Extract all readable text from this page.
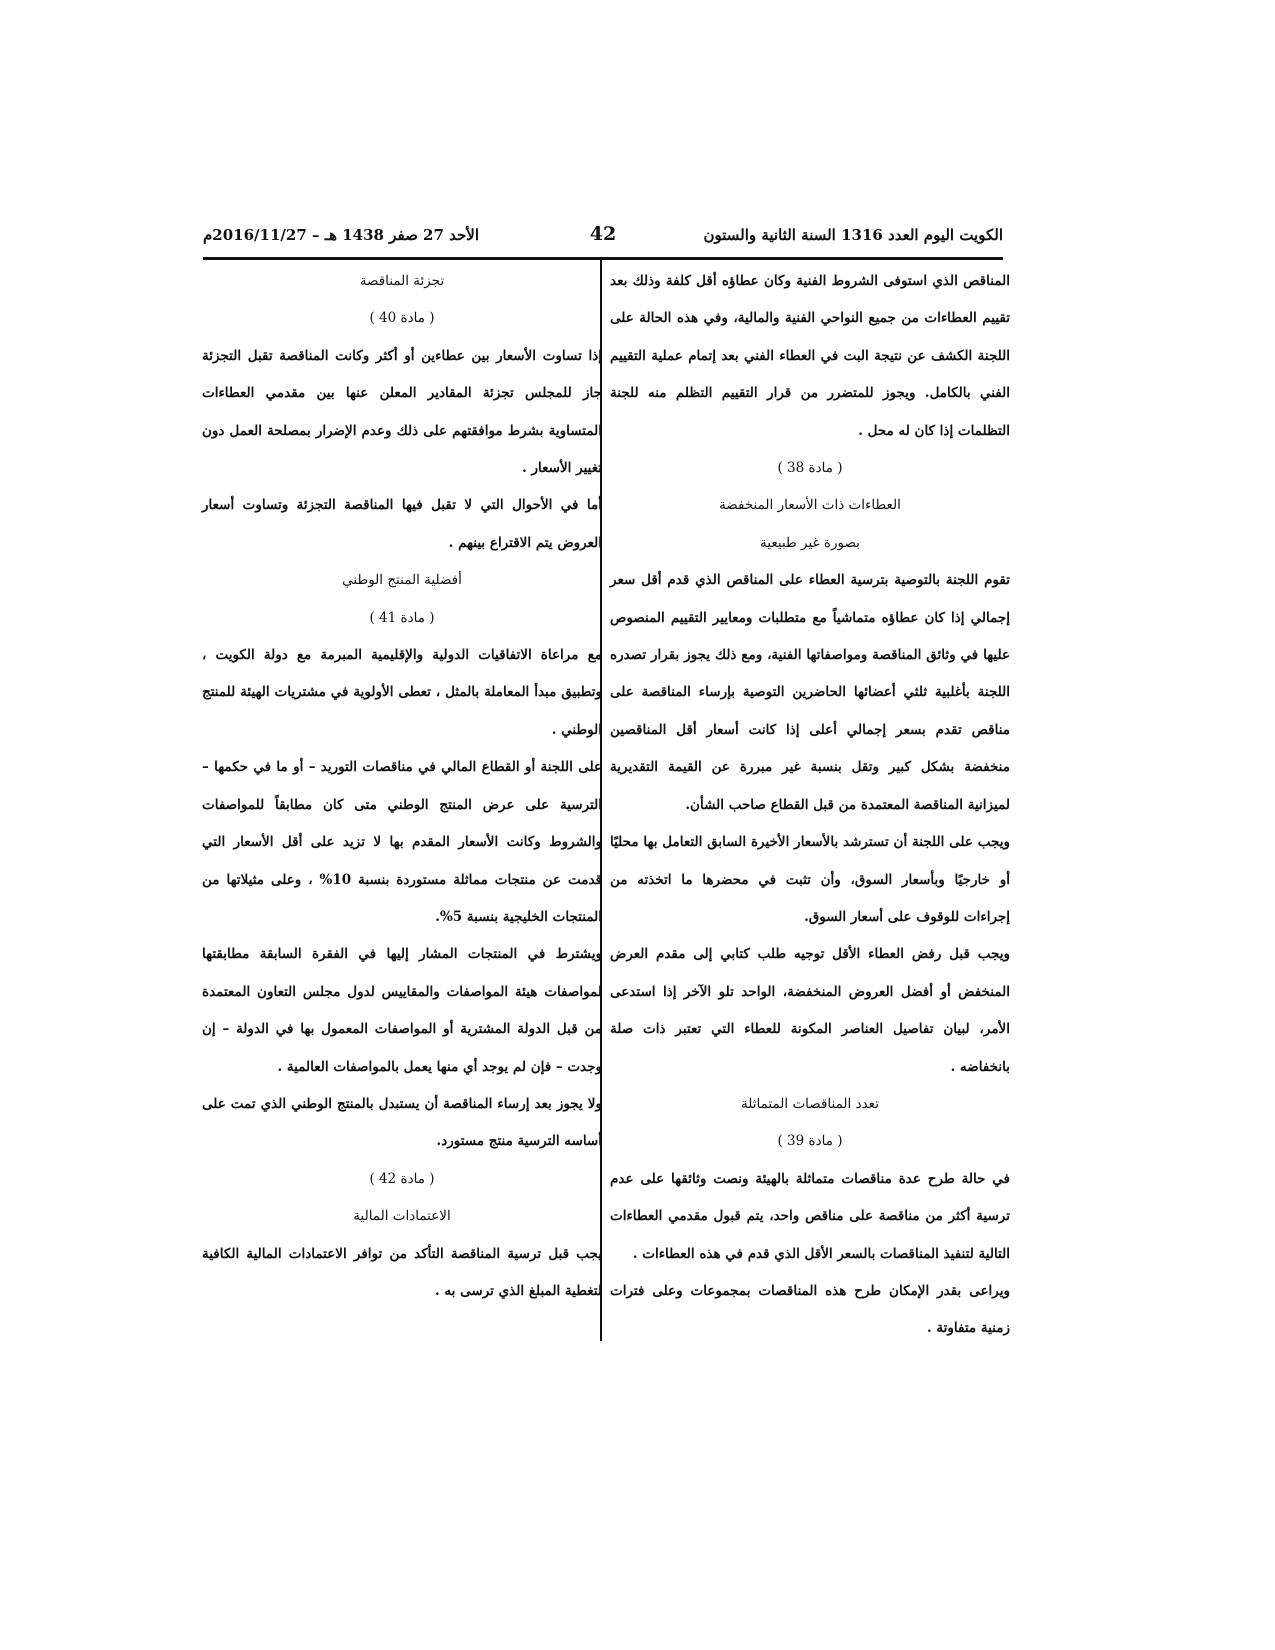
الكويت اليوم العدد 1316 السنة الثانية والستون
42
الأحد 27 صفر 1438 هـ – 2016/11/27م
المناقص الذي استوفى الشروط الفنية وكان عطاؤه أقل كلفة وذلك بعد تقييم العطاءات من جميع النواحي الفنية والمالية، وفي هذه الحالة على اللجنة الكشف عن نتيجة البت في العطاء الفني بعد إتمام عملية التقييم الفني بالكامل. ويجوز للمتضرر من قرار التقييم التظلم منه للجنة التظلمات إذا كان له محل .
( مادة 38 )
العطاءات ذات الأسعار المنخفضة
بصورة غير طبيعية
تقوم اللجنة بالتوصية بترسية العطاء على المناقص الذي قدم أقل سعر إجمالي إذا كان عطاؤه متماشياً مع متطلبات ومعايير التقييم المنصوص عليها في وثائق المناقصة ومواصفاتها الفنية، ومع ذلك يجوز بقرار تصدره اللجنة بأغلبية ثلثي أعضائها الحاضرين التوصية بإرساء المناقصة على مناقص تقدم بسعر إجمالي أعلى إذا كانت أسعار أقل المناقصين منخفضة بشكل كبير وتقل بنسبة غير مبررة عن القيمة التقديرية لميزانية المناقصة المعتمدة من قبل القطاع صاحب الشأن.
ويجب على اللجنة أن تسترشد بالأسعار الأخيرة السابق التعامل بها محليًا أو خارجيًا وبأسعار السوق، وأن تثبت في محضرها ما اتخذته من إجراءات للوقوف على أسعار السوق.
ويجب قبل رفض العطاء الأقل توجيه طلب كتابي إلى مقدم العرض المنخفض أو أفضل العروض المنخفضة، الواحد تلو الآخر إذا استدعى الأمر، لبيان تفاصيل العناصر المكونة للعطاء التي تعتبر ذات صلة بانخفاضه .
تعدد المناقصات المتماثلة
( مادة 39 )
في حالة طرح عدة مناقصات متماثلة بالهيئة ونصت وثائقها على عدم ترسية أكثر من مناقصة على مناقص واحد، يتم قبول مقدمي العطاءات التالية لتنفيذ المناقصات بالسعر الأقل الذي قدم في هذه العطاءات .
ويراعى بقدر الإمكان طرح هذه المناقصات بمجموعات وعلى فترات زمنية متفاوتة .
تجزئة المناقصة
( مادة 40 )
إذا تساوت الأسعار بين عطاءين أو أكثر وكانت المناقصة تقبل التجزئة جاز للمجلس تجزئة المقادير المعلن عنها بين مقدمي العطاءات المتساوية بشرط موافقتهم على ذلك وعدم الإضرار بمصلحة العمل دون تغيير الأسعار .
أما في الأحوال التي لا تقبل فيها المناقصة التجزئة وتساوت أسعار العروض يتم الاقتراع بينهم .
أفضلية المنتج الوطني
( مادة 41 )
مع مراعاة الاتفاقيات الدولية والإقليمية المبرمة مع دولة الكويت ، وتطبيق مبدأ المعاملة بالمثل ، تعطى الأولوية في مشتريات الهيئة للمنتج الوطني .
على اللجنة أو القطاع المالي في مناقصات التوريد – أو ما في حكمها – الترسية على عرض المنتج الوطني متى كان مطابقاً للمواصفات والشروط وكانت الأسعار المقدم بها لا تزيد على أقل الأسعار التي قدمت عن منتجات مماثلة مستوردة بنسبة 10% ، وعلى مثيلاتها من المنتجات الخليجية بنسبة 5%.
ويشترط في المنتجات المشار إليها في الفقرة السابقة مطابقتها لمواصفات هيئة المواصفات والمقاييس لدول مجلس التعاون المعتمدة من قبل الدولة المشترية أو المواصفات المعمول بها في الدولة – إن وجدت – فإن لم يوجد أي منها يعمل بالمواصفات العالمية .
ولا يجوز بعد إرساء المناقصة أن يستبدل بالمنتج الوطني الذي تمت على أساسه الترسية منتج مستورد.
( مادة 42 )
الاعتمادات المالية
يجب قبل ترسية المناقصة التأكد من توافر الاعتمادات المالية الكافية لتغطية المبلغ الذي ترسى به .
